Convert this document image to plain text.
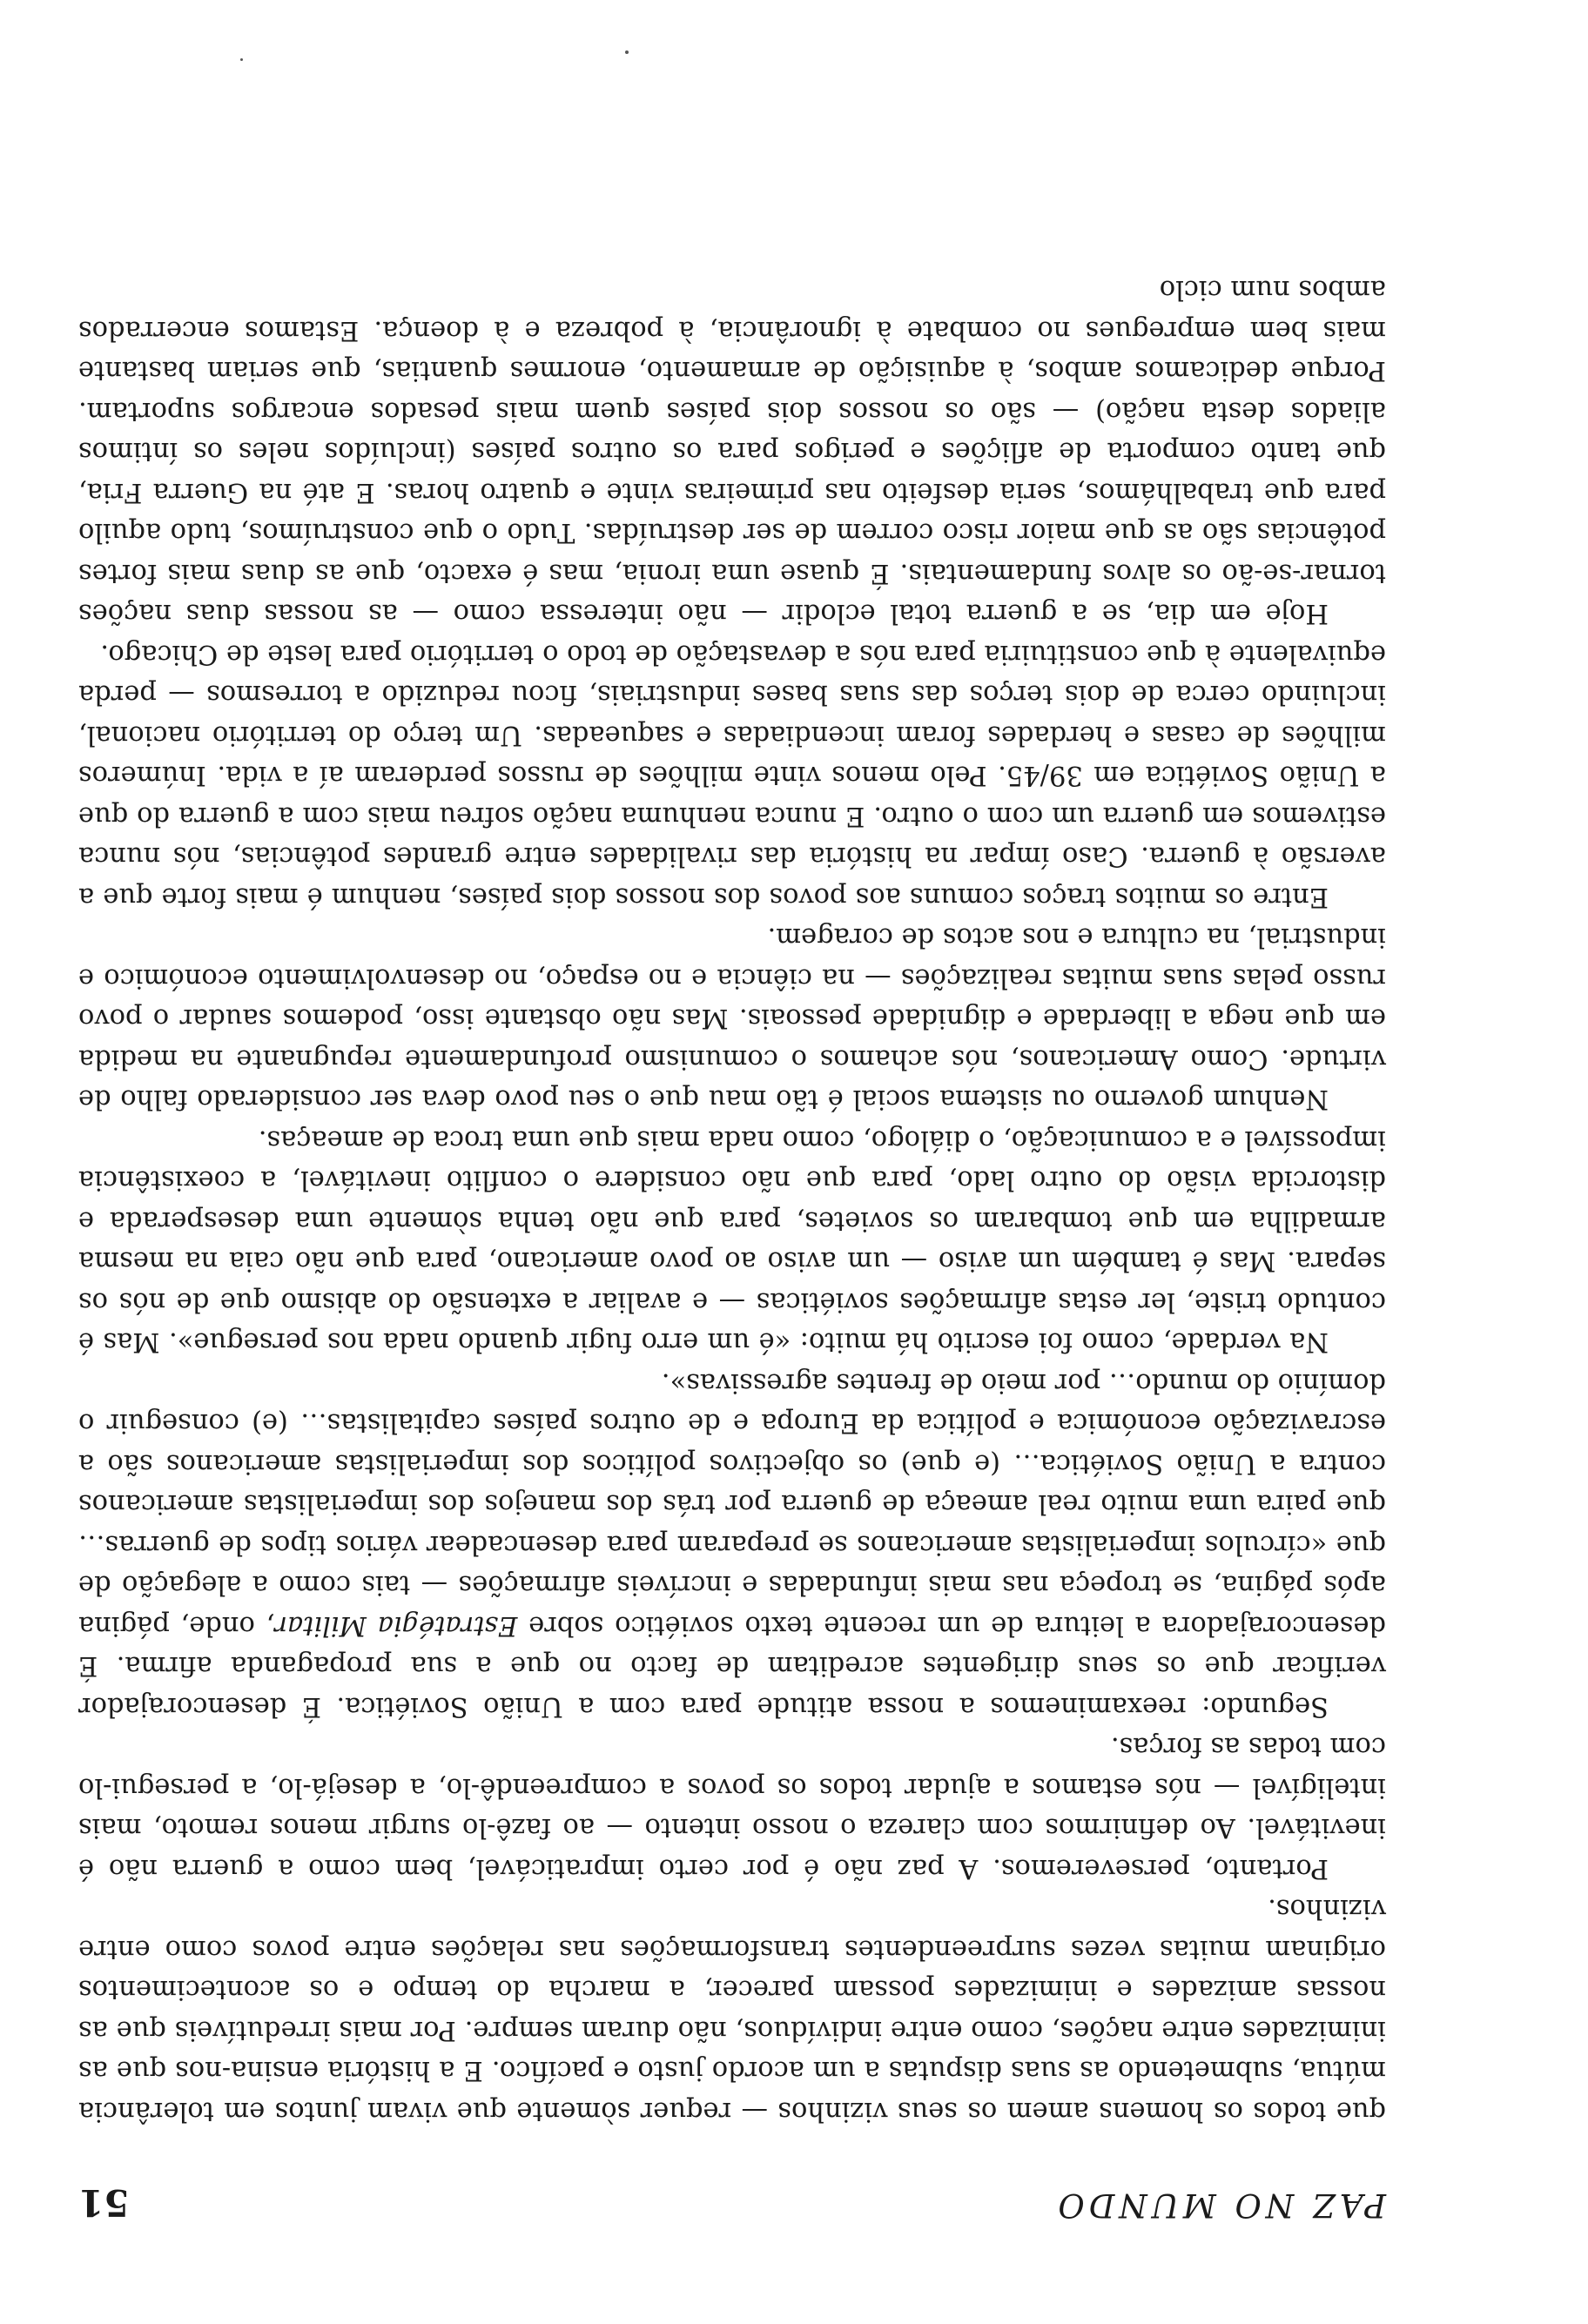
PAZ NO MUNDO
51

que todos os homens amem os seus vizinhos — requer sòmente que vivam juntos em tolerância mútua, submetendo as suas disputas a um acordo justo e pacífico. E a história ensina-nos que as inimizades entre nações, como entre indivíduos, não duram sempre. Por mais irredutíveis que as nossas amizades e inimizades possam parecer, a marcha do tempo e os acontecimentos originam muitas vezes surpreendentes transformações nas relações entre povos como entre vizinhos.

Portanto, perseveremos. A paz não é por certo impraticável, bem como a guerra não é inevitável. Ao definirmos com clareza o nosso intento — ao fazê-lo surgir menos remoto, mais inteligível — nós estamos a ajudar todos os povos a compreendê-lo, a desejá-lo, a persegui-lo com todas as forças.

Segundo: reexaminemos a nossa atitude para com a União Soviética. É desencorajador verificar que os seus dirigentes acreditam de facto no que a sua propaganda afirma. É desencorajadora a leitura de um recente texto soviético sobre Estratégia Militar, onde, página após página, se tropeça nas mais infundadas e incríveis afirmações — tais como a alegação de que «círculos imperialistas americanos se preparam para desencadear vários tipos de guerras… que paira uma muito real ameaça de guerra por trás dos manejos dos imperialistas americanos contra a União Soviética… (e que) os objectivos políticos dos imperialistas americanos são a escravização económica e política da Europa e de outros países capitalistas… (e) conseguir o domínio do mundo… por meio de frentes agressivas».

Na verdade, como foi escrito há muito: «é um erro fugir quando nada nos persegue». Mas é contudo triste, ler estas afirmações soviéticas — e avaliar a extensão do abismo que de nós os separa. Mas é também um aviso — um aviso ao povo americano, para que não caia na mesma armadilha em que tombaram os sovietes, para que não tenha sòmente uma desesperada e distorcida visão do outro lado, para que não considere o conflito inevitável, a coexistência impossível e a comunicação, o diálogo, como nada mais que uma troca de ameaças.

Nenhum governo ou sistema social é tão mau que o seu povo deva ser considerado falho de virtude. Como Americanos, nós achamos o comunismo profundamente repugnante na medida em que nega a liberdade e dignidade pessoais. Mas não obstante isso, podemos saudar o povo russo pelas suas muitas realizações — na ciência e no espaço, no desenvolvimento económico e industrial, na cultura e nos actos de coragem.

Entre os muitos traços comuns aos povos dos nossos dois países, nenhum é mais forte que a aversão à guerra. Caso ímpar na história das rivalidades entre grandes potências, nós nunca estivemos em guerra um com o outro. E nunca nenhuma nação sofreu mais com a guerra do que a União Soviética em 39/45. Pelo menos vinte milhões de russos perderam aí a vida. Inúmeros milhões de casas e herdades foram incendiadas e saqueadas. Um terço do território nacional, incluindo cerca de dois terços das suas bases industriais, ficou reduzido a torresmos — perda equivalente à que constituiria para nós a devastação de todo o território para leste de Chicago.

Hoje em dia, se a guerra total eclodir — não interessa como — as nossas duas nações tornar-se-ão os alvos fundamentais. É quase uma ironia, mas é exacto, que as duas mais fortes potências são as que maior risco correm de ser destruídas. Tudo o que construímos, tudo aquilo para que trabalhámos, seria desfeito nas primeiras vinte e quatro horas. E até na Guerra Fria, que tanto comporta de aflições e perigos para os outros países (incluídos neles os íntimos aliados desta nação) — são os nossos dois países quem mais pesados encargos suportam. Porque dedicamos ambos, à aquisição de armamento, enormes quantias, que seriam bastante mais bem empregues no combate à ignorância, à pobreza e à doença. Estamos encerrados ambos num ciclo
